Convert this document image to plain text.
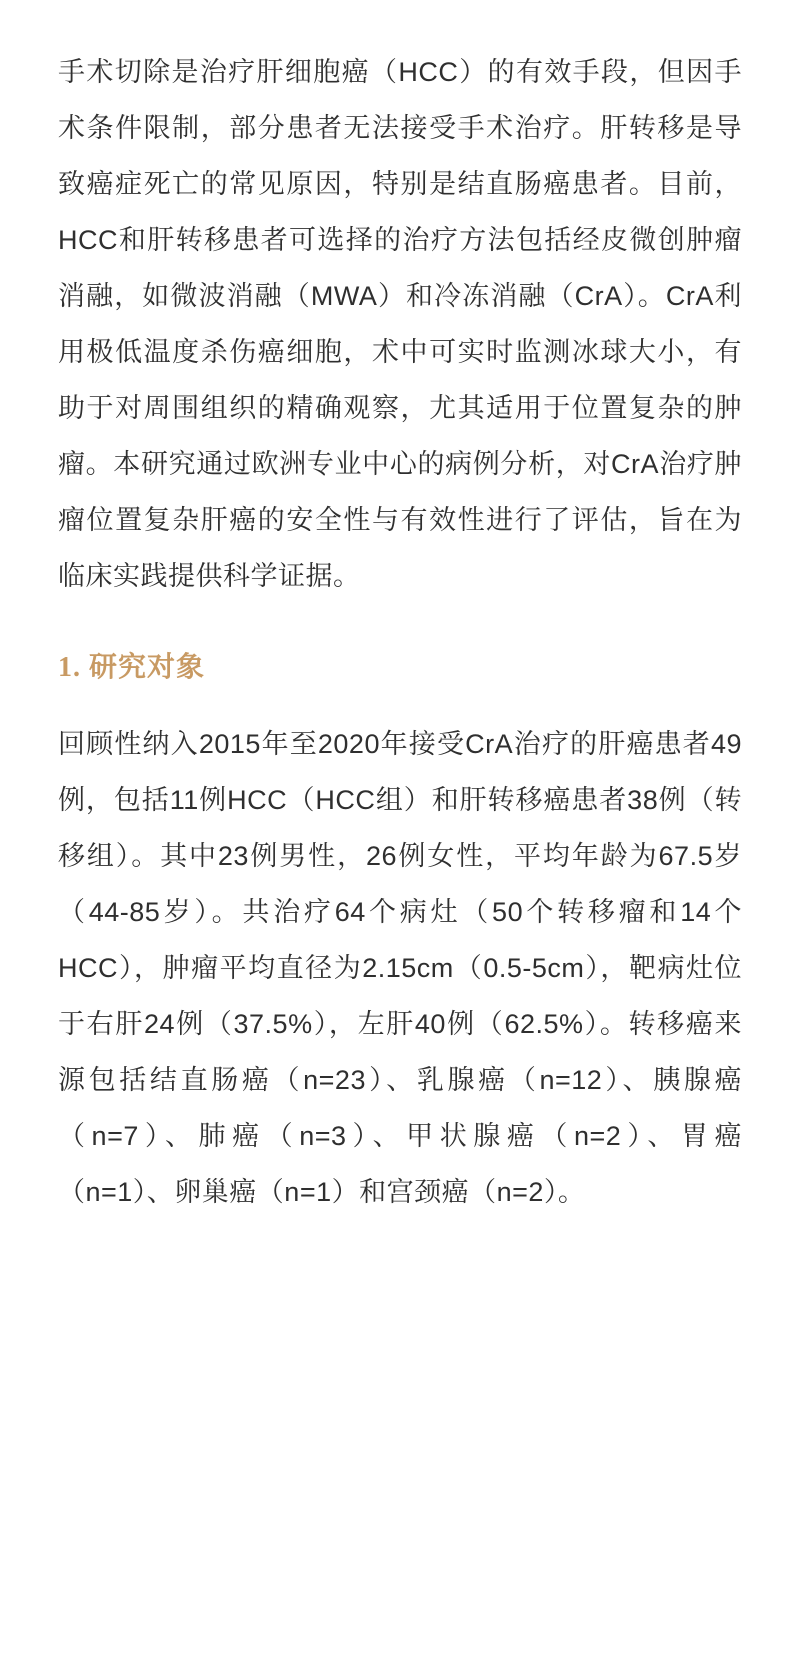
手术切除是治疗肝细胞癌（HCC）的有效手段，但因手术条件限制，部分患者无法接受手术治疗。肝转移是导致癌症死亡的常见原因，特别是结直肠癌患者。目前，HCC和肝转移患者可选择的治疗方法包括经皮微创肿瘤消融，如微波消融（MWA）和冷冻消融（CrA）。CrA利用极低温度杀伤癌细胞，术中可实时监测冰球大小，有助于对周围组织的精确观察，尤其适用于位置复杂的肿瘤。本研究通过欧洲专业中心的病例分析，对CrA治疗肿瘤位置复杂肝癌的安全性与有效性进行了评估，旨在为临床实践提供科学证据。

1. 研究对象

回顾性纳入2015年至2020年接受CrA治疗的肝癌患者49例，包括11例HCC（HCC组）和肝转移癌患者38例（转移组）。其中23例男性，26例女性，平均年龄为67.5岁（44-85岁）。共治疗64个病灶（50个转移瘤和14个HCC），肿瘤平均直径为2.15cm（0.5-5cm），靶病灶位于右肝24例（37.5%），左肝40例（62.5%）。转移癌来源包括结直肠癌（n=23）、乳腺癌（n=12）、胰腺癌（n=7）、肺癌（n=3）、甲状腺癌（n=2）、胃癌（n=1）、卵巢癌（n=1）和宫颈癌（n=2）。
